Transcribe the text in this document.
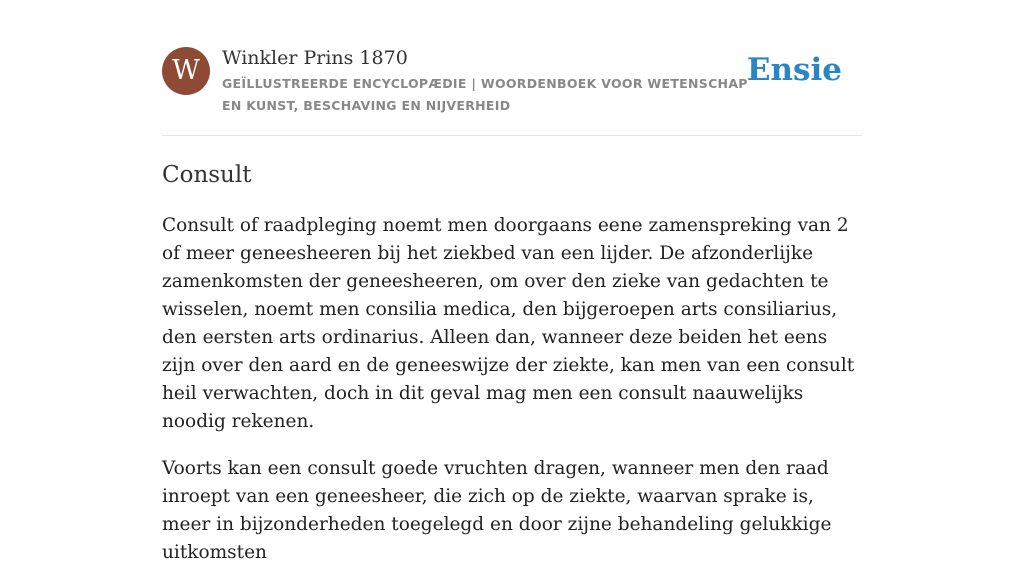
W	Winkler Prins 1870
GEÏLLUSTREERDE ENCYCLOPÆDIE | WOORDENBOEK VOOR WETENSCHAP EN KUNST, BESCHAVING EN NIJVERHEID
Ensie
Consult

Consult of raadpleging noemt men doorgaans eene zamenspreking van 2 of meer geneesheeren bij het ziekbed van een lijder. De afzonderlijke zamenkomsten der geneesheeren, om over den zieke van gedachten te wisselen, noemt men consilia medica, den bijgeroepen arts consiliarius, den eersten arts ordinarius. Alleen dan, wanneer deze beiden het eens zijn over den aard en de geneeswijze der ziekte, kan men van een consult heil verwachten, doch in dit geval mag men een consult naauwelijks noodig rekenen.

Voorts kan een consult goede vruchten dragen, wanneer men den raad inroept van een geneesheer, die zich op de ziekte, waarvan sprake is, meer in bijzonderheden toegelegd en door zijne behandeling gelukkige uitkomsten
